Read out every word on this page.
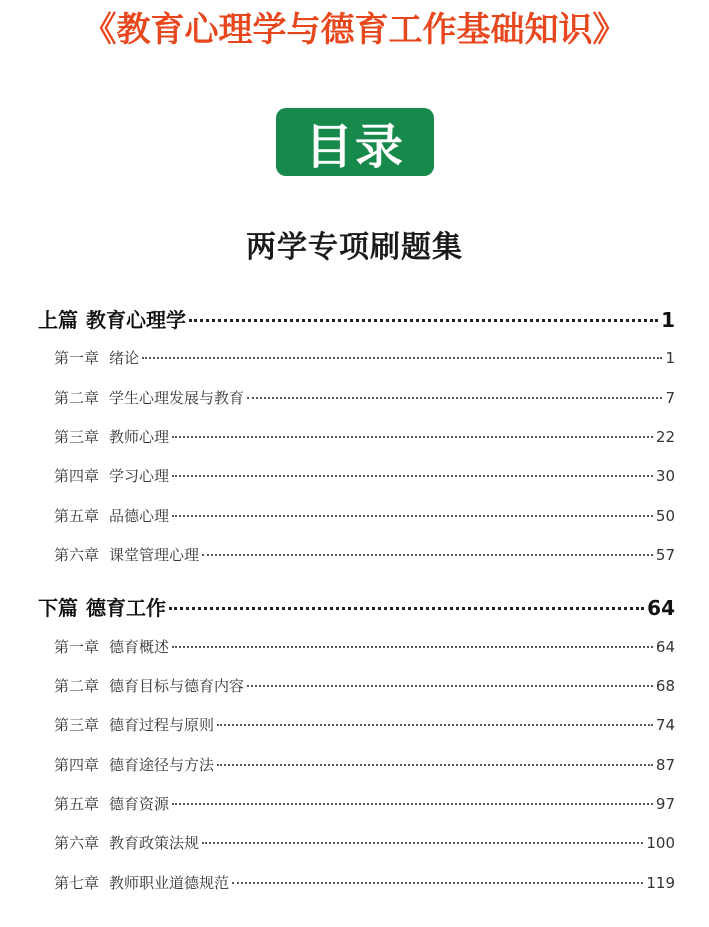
《教育心理学与德育工作基础知识》
目录
两学专项刷题集
上篇 教育心理学	1
第一章 绪论	1
第二章 学生心理发展与教育	7
第三章 教师心理	22
第四章 学习心理	30
第五章 品德心理	50
第六章 课堂管理心理	57
下篇 德育工作	64
第一章 德育概述	64
第二章 德育目标与德育内容	68
第三章 德育过程与原则	74
第四章 德育途径与方法	87
第五章 德育资源	97
第六章 教育政策法规	100
第七章 教师职业道德规范	119
